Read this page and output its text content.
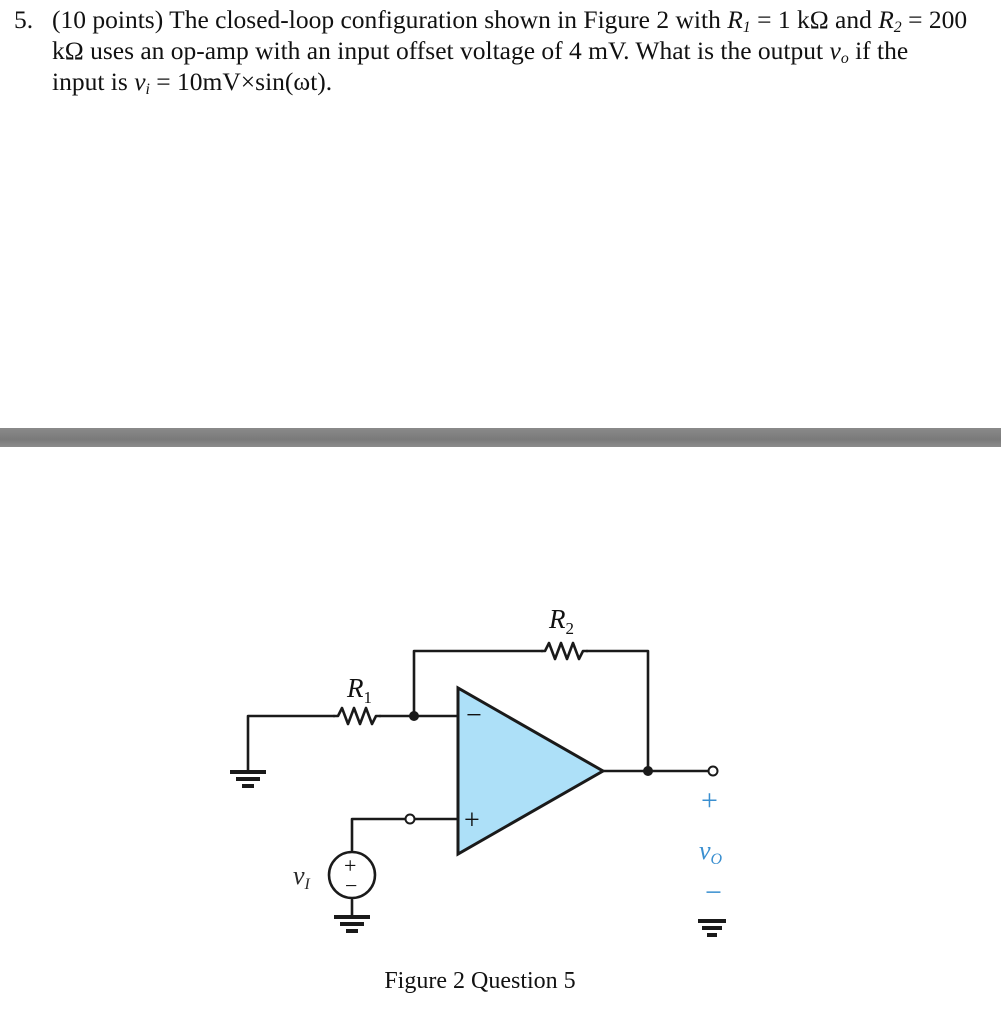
5. (10 points) The closed-loop configuration shown in Figure 2 with $R_1 = 1$ kΩ and $R_2 = 200$
kΩ uses an op-amp with an input offset voltage of 4 mV. What is the output $v_o$ if the
input is $v_i = 10mV\times\sin(\omega t)$.
$R_1$
$R_2$
−
+
+
−
vI
+
vO
−
Figure 2 Question 5
